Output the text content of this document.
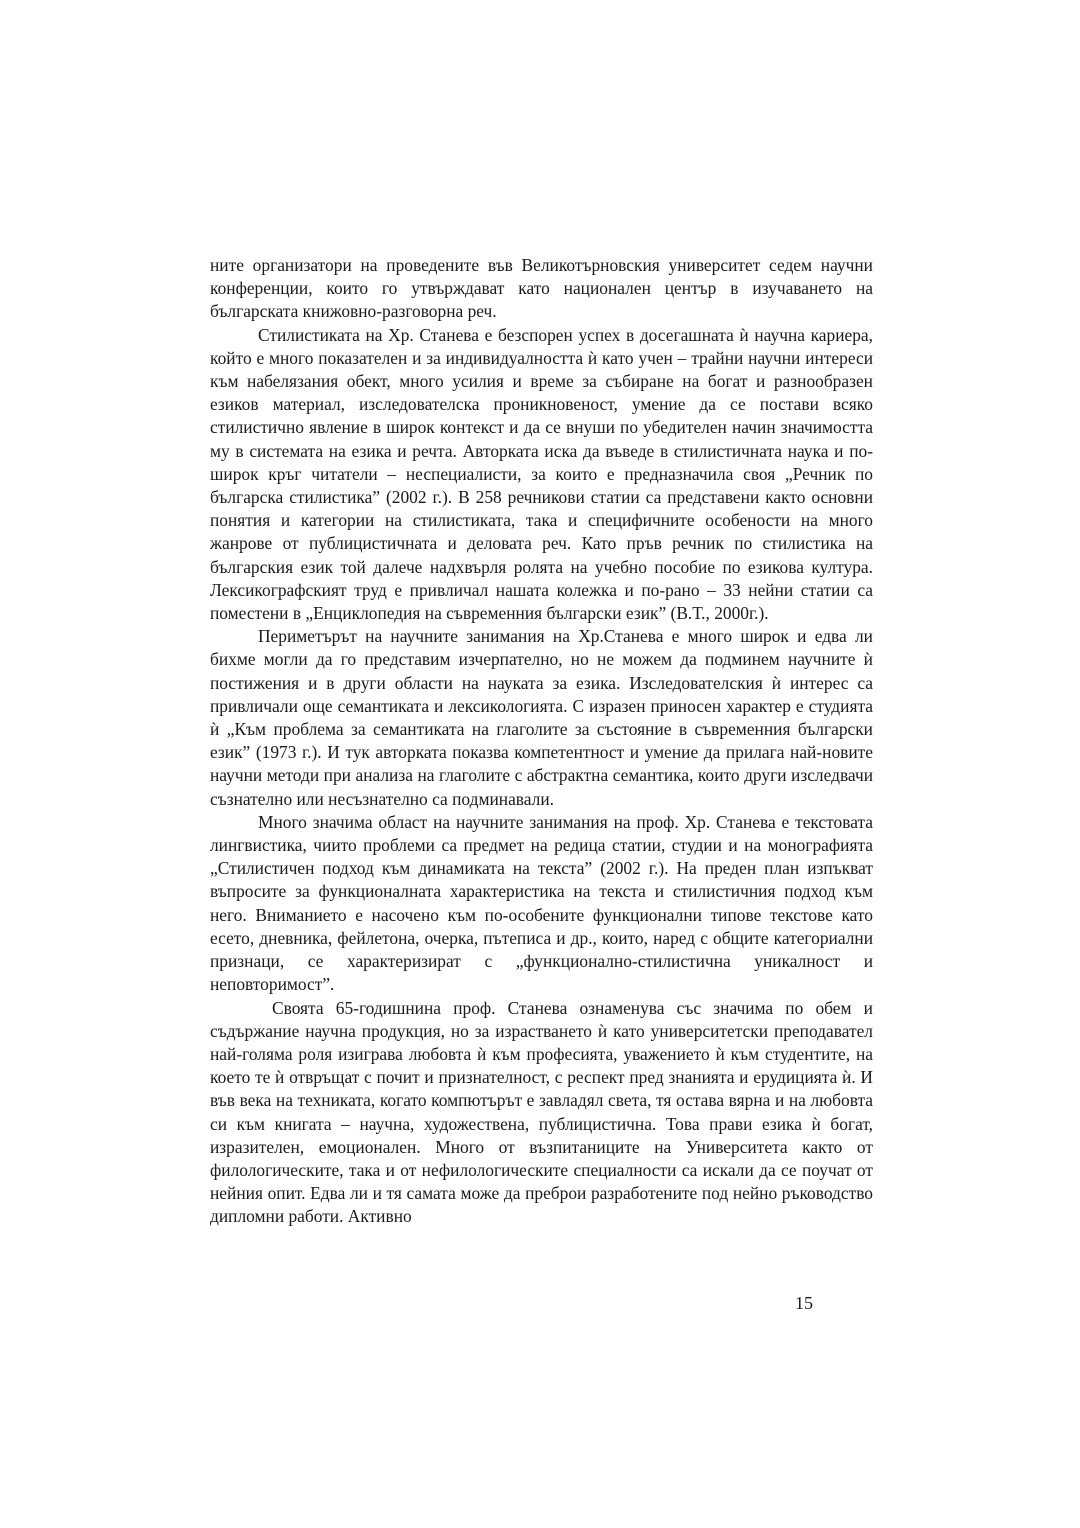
ните организатори на проведените във Великотърновския университет седем научни конференции, които го утвърждават като национален център в изучаването на българската книжовно-разговорна реч.

Стилистиката на Хр. Станева е безспорен успех в досегашната ѝ научна кариера, който е много показателен и за индивидуалността ѝ като учен – трайни научни интереси към набелязания обект, много усилия и време за събиране на богат и разнообразен езиков материал, изследователска проникновеност, умение да се постави всяко стилистично явление в широк контекст и да се внуши по убедителен начин значимостта му в системата на езика и речта. Авторката иска да въведе в стилистичната наука и по-широк кръг читатели – неспециалисти, за които е предназначила своя „Речник по българска стилистика” (2002 г.). В 258 речникови статии са представени както основни понятия и категории на стилистиката, така и специфичните особености на много жанрове от публицистичната и деловата реч. Като пръв речник по стилистика на българския език той далече надхвърля ролята на учебно пособие по езикова култура. Лексикографският труд е привличал нашата колежка и по-рано – 33 нейни статии са поместени в „Енциклопедия на съвременния български език” (В.Т., 2000г.).

Периметърът на научните занимания на Хр.Станева е много широк и едва ли бихме могли да го представим изчерпателно, но не можем да подминем научните ѝ постижения и в други области на науката за езика. Изследователския ѝ интерес са привличали още семантиката и лексикологията. С изразен приносен характер е студията ѝ „Към проблема за семантиката на глаголите за състояние в съвременния български език” (1973 г.). И тук авторката показва компетентност и умение да прилага най-новите научни методи при анализа на глаголите с абстрактна семантика, които други изследвачи съзнателно или несъзнателно са подминавали.

Много значима област на научните занимания на проф. Хр. Станева е текстовата лингвистика, чиито проблеми са предмет на редица статии, студии и на монографията „Стилистичен подход към динамиката на текста” (2002 г.). На преден план изпъкват въпросите за функционалната характеристика на текста и стилистичния подход към него. Вниманието е насочено към по-особените функционални типове текстове като есето, дневника, фейлетона, очерка, пътеписа и др., които, наред с общите категориални признаци, се характеризират с „функционално-стилистична уникалност и неповторимост”.

Своята 65-годишнина проф. Станева ознаменува със значима по обем и съдържание научна продукция, но за израстването ѝ като университетски преподавател най-голяма роля изиграва любовта ѝ към професията, уважението ѝ към студентите, на което те ѝ отвръщат с почит и признателност, с респект пред знанията и ерудицията ѝ. И във века на техниката, когато компютърът е завладял света, тя остава вярна и на любовта си към книгата – научна, художествена, публицистична. Това прави езика ѝ богат, изразителен, емоционален. Много от възпитаниците на Университета както от филологическите, така и от нефилологическите специалности са искали да се поучат от нейния опит. Едва ли и тя самата може да преброи разработените под нейно ръководство дипломни работи. Активно

15
